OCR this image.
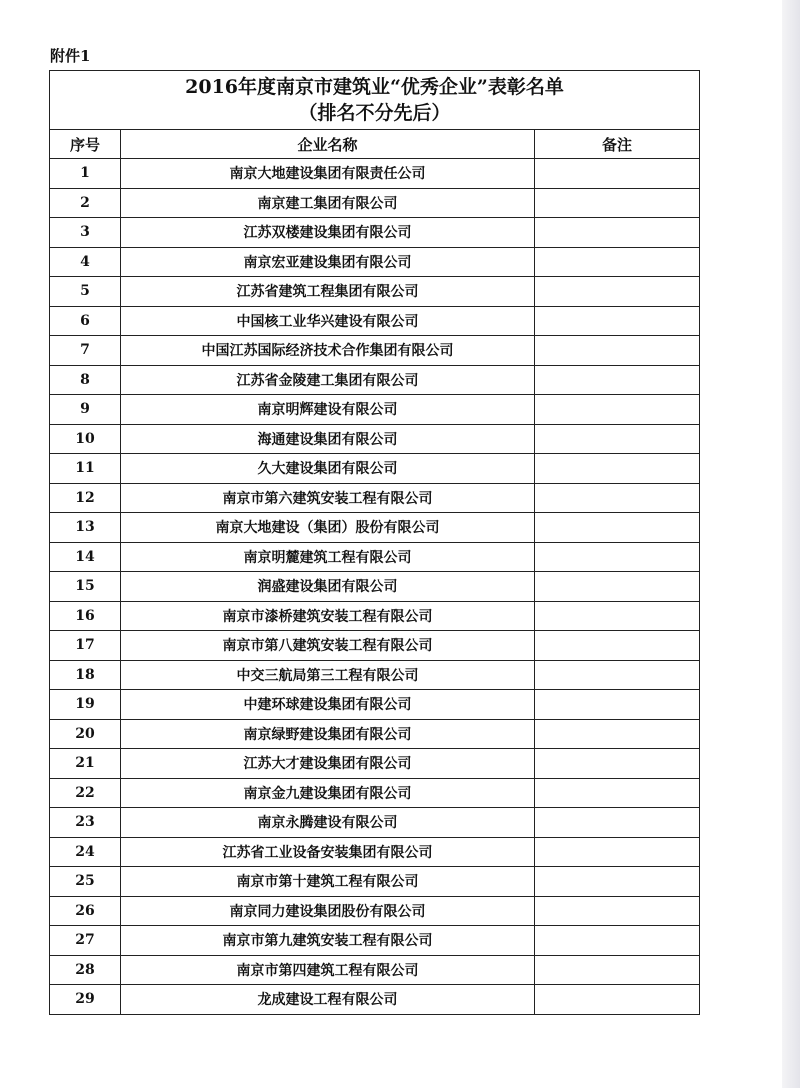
附件1
2016年度南京市建筑业“优秀企业”表彰名单
（排名不分先后）		

序号	企业名称	备注
1	南京大地建设集团有限责任公司	
2	南京建工集团有限公司	
3	江苏双楼建设集团有限公司	
4	南京宏亚建设集团有限公司	
5	江苏省建筑工程集团有限公司	
6	中国核工业华兴建设有限公司	
7	中国江苏国际经济技术合作集团有限公司	
8	江苏省金陵建工集团有限公司	
9	南京明辉建设有限公司	
10	海通建设集团有限公司	
11	久大建设集团有限公司	
12	南京市第六建筑安装工程有限公司	
13	南京大地建设（集团）股份有限公司	
14	南京明麓建筑工程有限公司	
15	润盛建设集团有限公司	
16	南京市漆桥建筑安装工程有限公司	
17	南京市第八建筑安装工程有限公司	
18	中交三航局第三工程有限公司	
19	中建环球建设集团有限公司	
20	南京绿野建设集团有限公司	
21	江苏大才建设集团有限公司	
22	南京金九建设集团有限公司	
23	南京永腾建设有限公司	
24	江苏省工业设备安装集团有限公司	
25	南京市第十建筑工程有限公司	
26	南京同力建设集团股份有限公司	
27	南京市第九建筑安装工程有限公司	
28	南京市第四建筑工程有限公司	
29	龙成建设工程有限公司	
